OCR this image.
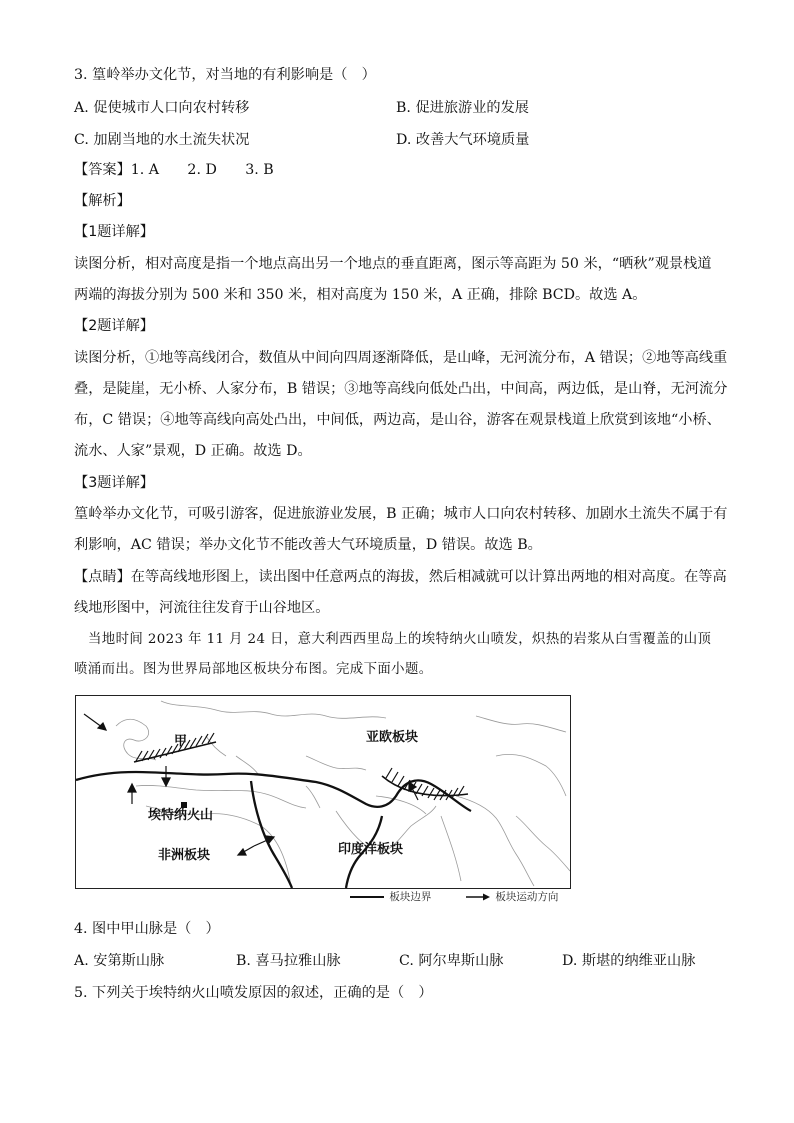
3. 篁岭举办文化节，对当地的有利影响是（　）
A. 促使城市人口向农村转移	B. 促进旅游业的发展
C. 加剧当地的水土流失状况	D. 改善大气环境质量
【答案】1. A　　2. D　　3. B
【解析】
【1题详解】
读图分析，相对高度是指一个地点高出另一个地点的垂直距离，图示等高距为 50 米，“晒秋”观景栈道
两端的海拔分别为 500 米和 350 米，相对高度为 150 米，A 正确，排除 BCD。故选 A。
【2题详解】
读图分析，①地等高线闭合，数值从中间向四周逐渐降低，是山峰，无河流分布，A 错误；②地等高线重
叠，是陡崖，无小桥、人家分布，B 错误；③地等高线向低处凸出，中间高，两边低，是山脊，无河流分
布，C 错误；④地等高线向高处凸出，中间低，两边高，是山谷，游客在观景栈道上欣赏到该地“小桥、
流水、人家”景观，D 正确。故选 D。
【3题详解】
篁岭举办文化节，可吸引游客，促进旅游业发展，B 正确；城市人口向农村转移、加剧水土流失不属于有
利影响，AC 错误；举办文化节不能改善大气环境质量，D 错误。故选 B。
【点睛】在等高线地形图上，读出图中任意两点的海拔，然后相减就可以计算出两地的相对高度。在等高
线地形图中，河流往往发育于山谷地区。
当地时间 2023 年 11 月 24 日，意大利西西里岛上的埃特纳火山喷发，炽热的岩浆从白雪覆盖的山顶
喷涌而出。图为世界局部地区板块分布图。完成下面小题。
甲	亚欧板块
埃特纳火山
非洲板块	印度洋板块
板块边界	板块运动方向
4. 图中甲山脉是（　）
A. 安第斯山脉	B. 喜马拉雅山脉	C. 阿尔卑斯山脉	D. 斯堪的纳维亚山脉
5. 下列关于埃特纳火山喷发原因的叙述，正确的是（　）
